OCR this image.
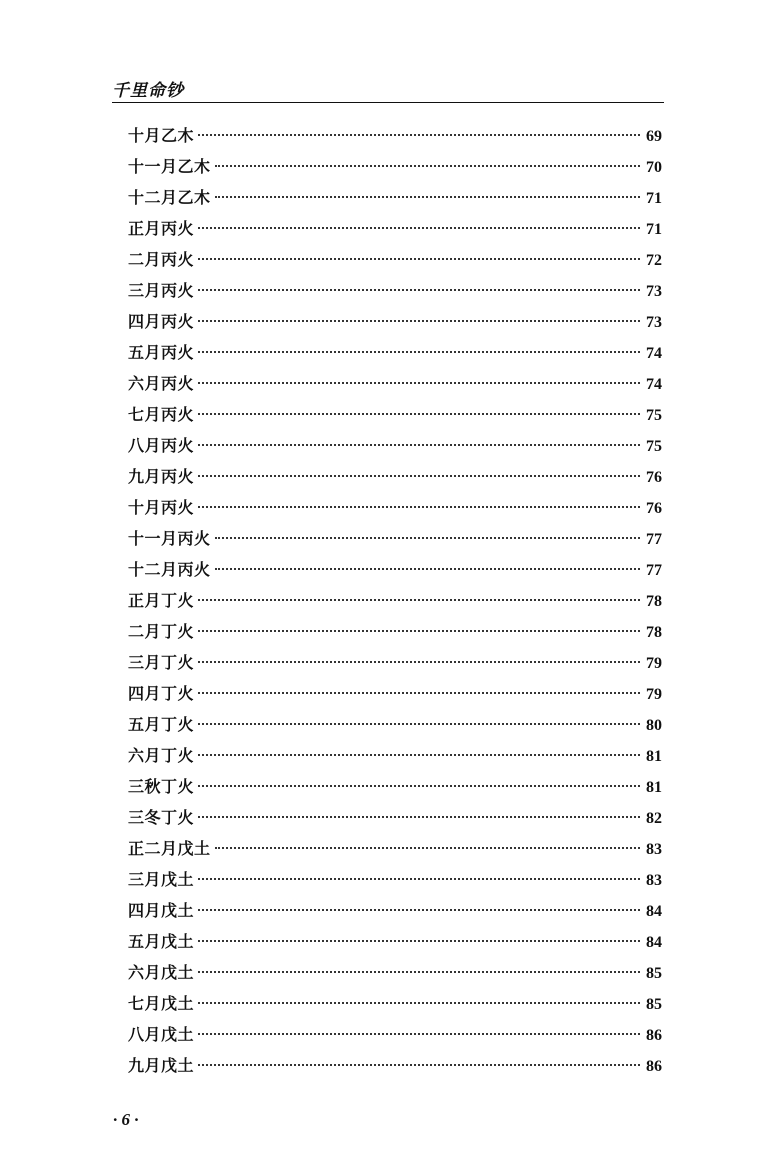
千里命钞
十月乙木	69
十一月乙木	70
十二月乙木	71
正月丙火	71
二月丙火	72
三月丙火	73
四月丙火	73
五月丙火	74
六月丙火	74
七月丙火	75
八月丙火	75
九月丙火	76
十月丙火	76
十一月丙火	77
十二月丙火	77
正月丁火	78
二月丁火	78
三月丁火	79
四月丁火	79
五月丁火	80
六月丁火	81
三秋丁火	81
三冬丁火	82
正二月戊土	83
三月戊土	83
四月戊土	84
五月戊土	84
六月戊土	85
七月戊土	85
八月戊土	86
九月戊土	86
· 6 ·
